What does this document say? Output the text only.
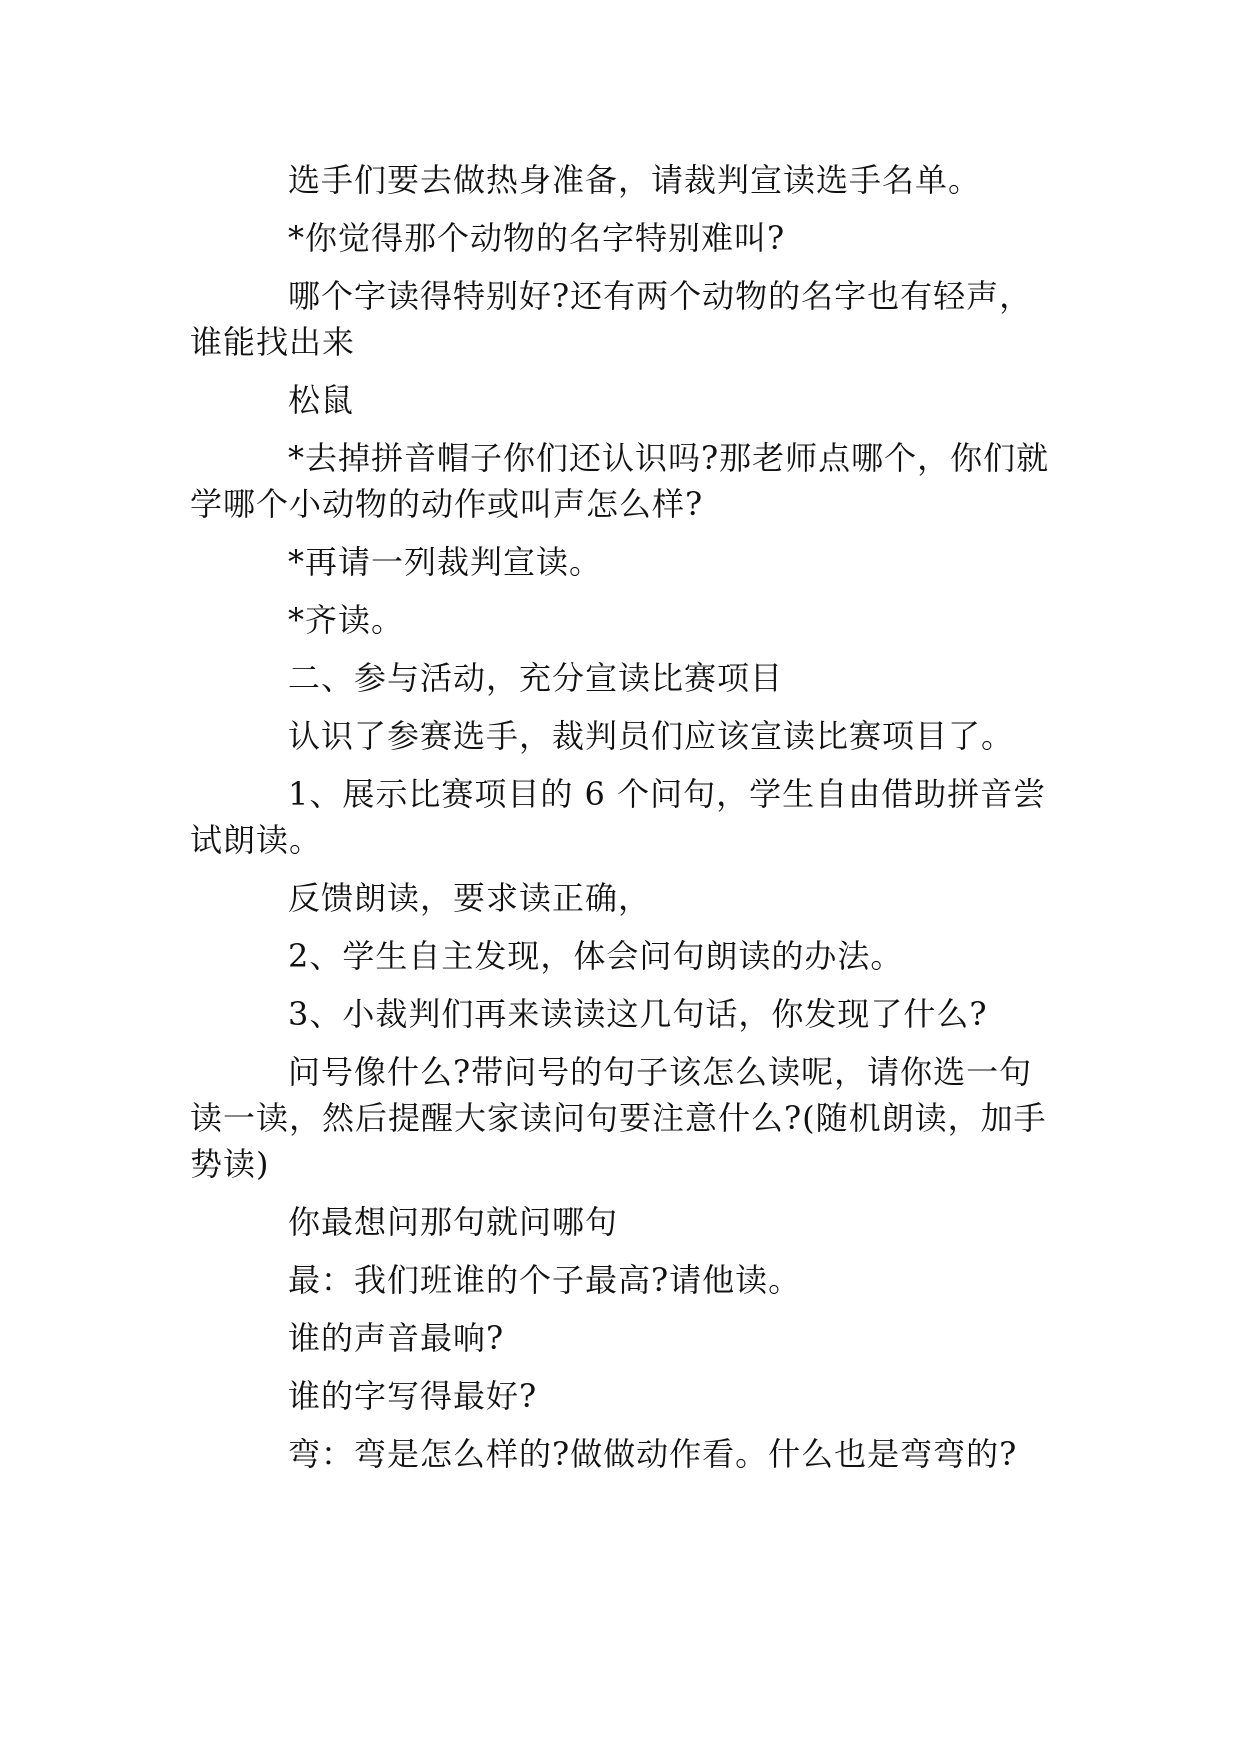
选手们要去做热身准备，请裁判宣读选手名单。

*你觉得那个动物的名字特别难叫?

哪个字读得特别好?还有两个动物的名字也有轻声，谁能找出来

松鼠

*去掉拼音帽子你们还认识吗?那老师点哪个，你们就学哪个小动物的动作或叫声怎么样?

*再请一列裁判宣读。

*齐读。

二、参与活动，充分宣读比赛项目

认识了参赛选手，裁判员们应该宣读比赛项目了。

1、展示比赛项目的 6 个问句，学生自由借助拼音尝试朗读。

反馈朗读，要求读正确，

2、学生自主发现，体会问句朗读的办法。

3、小裁判们再来读读这几句话，你发现了什么?

问号像什么?带问号的句子该怎么读呢，请你选一句读一读，然后提醒大家读问句要注意什么?(随机朗读，加手势读)

你最想问那句就问哪句

最：我们班谁的个子最高?请他读。

谁的声音最响?

谁的字写得最好?

弯：弯是怎么样的?做做动作看。什么也是弯弯的?
